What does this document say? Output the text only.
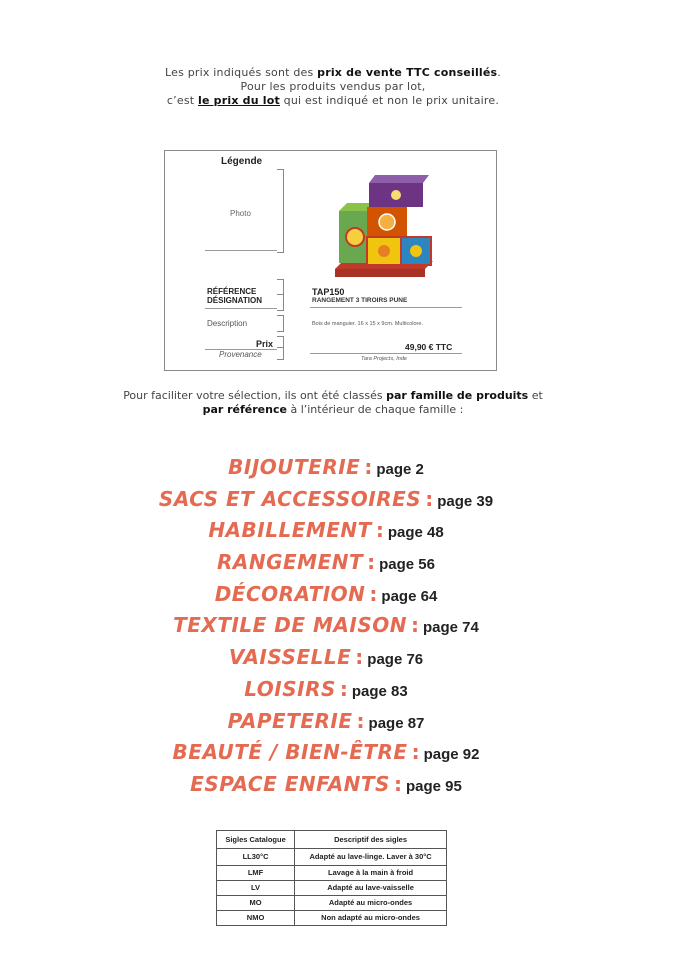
Les prix indiqués sont des prix de vente TTC conseillés.
Pour les produits vendus par lot,
c’est le prix du lot qui est indiqué et non le prix unitaire.
Légende
Photo
RÉFÉRENCE
DÉSIGNATION
Description
Prix
Provenance
TAP150
RANGEMENT 3 TIROIRS PUNE
Bois de manguier. 16 x 15 x 9cm. Multicolore.
49,90 € TTC
Tara Projects, Inde
Pour faciliter votre sélection, ils ont été classés par famille de produits et
par référence à l’intérieur de chaque famille :
BIJOUTERIE : page 2
SACS ET ACCESSOIRES : page 39
HABILLEMENT : page 48
RANGEMENT : page 56
DÉCORATION : page 64
TEXTILE DE MAISON : page 74
VAISSELLE : page 76
LOISIRS : page 83
PAPETERIE : page 87
BEAUTÉ / BIEN-ÊTRE : page 92
ESPACE ENFANTS : page 95
Sigles Catalogue	Descriptif des sigles
LL30°C	Adapté au lave-linge. Laver à 30°C
LMF	Lavage à la main à froid
LV	Adapté au lave-vaisselle
MO	Adapté au micro-ondes
NMO	Non adapté au micro-ondes
